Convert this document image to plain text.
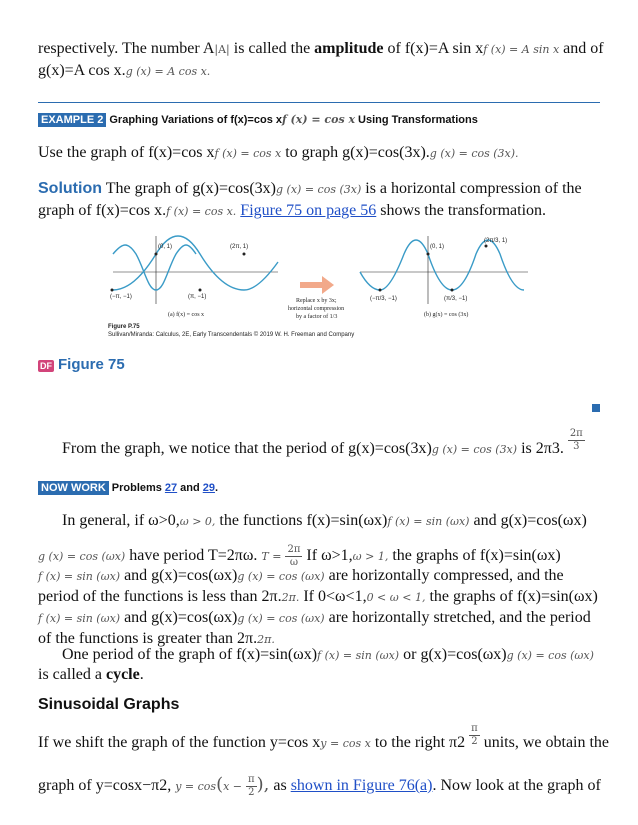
respectively. The number A|A| is called the amplitude of f(x)=A sin xf (x) = A sin x and of
g(x)=A cos x.g (x) = A cos x.
EXAMPLE 2 Graphing Variations of f(x)=cos xf (x) = cos x Using Transformations
Use the graph of f(x)=cos xf (x) = cos x to graph g(x)=cos(3x).g (x) = cos (3x).
Solution The graph of g(x)=cos(3x)g (x) = cos (3x) is a horizontal compression of the
graph of f(x)=cos x.f (x) = cos x. Figure 75 on page 56 shows the transformation.
(0, 1)	(2π, 1)
(−π, −1)	(π, −1)
(a) f(x) = cos x
Replace x by 3x;
horizontal compression
by a factor of 1/3
(0, 1)
(2π/3, 1)
(−π/3, −1)	(π/3, −1)
(b) g(x) = cos (3x)
Figure P.75
Sullivan/Miranda: Calculus, 2E, Early Transcendentals © 2019 W. H. Freeman and Company
DF Figure 75
From the graph, we notice that the period of g(x)=cos(3x)g (x) = cos (3x) is 2π3. $\frac{2\pi}{3}$
NOW WORK Problems 27 and 29.
In general, if ω>0,ω > 0, the functions f(x)=sin(ωx)f (x) = sin (ωx) and g(x)=cos(ωx)
g (x) = cos (ωx) have period T=2πω. $T = \frac{2\pi}{\omega}$ If ω>1,ω > 1, the graphs of f(x)=sin(ωx)
f (x) = sin (ωx) and g(x)=cos(ωx)g (x) = cos (ωx) are horizontally compressed, and the
period of the functions is less than 2π.2π. If 0<ω<1,0 < ω < 1, the graphs of f(x)=sin(ωx)
f (x) = sin (ωx) and g(x)=cos(ωx)g (x) = cos (ωx) are horizontally stretched, and the period
of the functions is greater than 2π.2π.
One period of the graph of f(x)=sin(ωx)f (x) = sin (ωx) or g(x)=cos(ωx)g (x) = cos (ωx)
is called a cycle.
Sinusoidal Graphs
If we shift the graph of the function y=cos xy = cos x to the right $\pi 2 \frac{\pi}{2}$ units, we obtain the
graph of y=cosx−π2, $y = \cos(x - \frac{\pi}{2}$ ), as shown in Figure 76(a). Now look at the graph of
